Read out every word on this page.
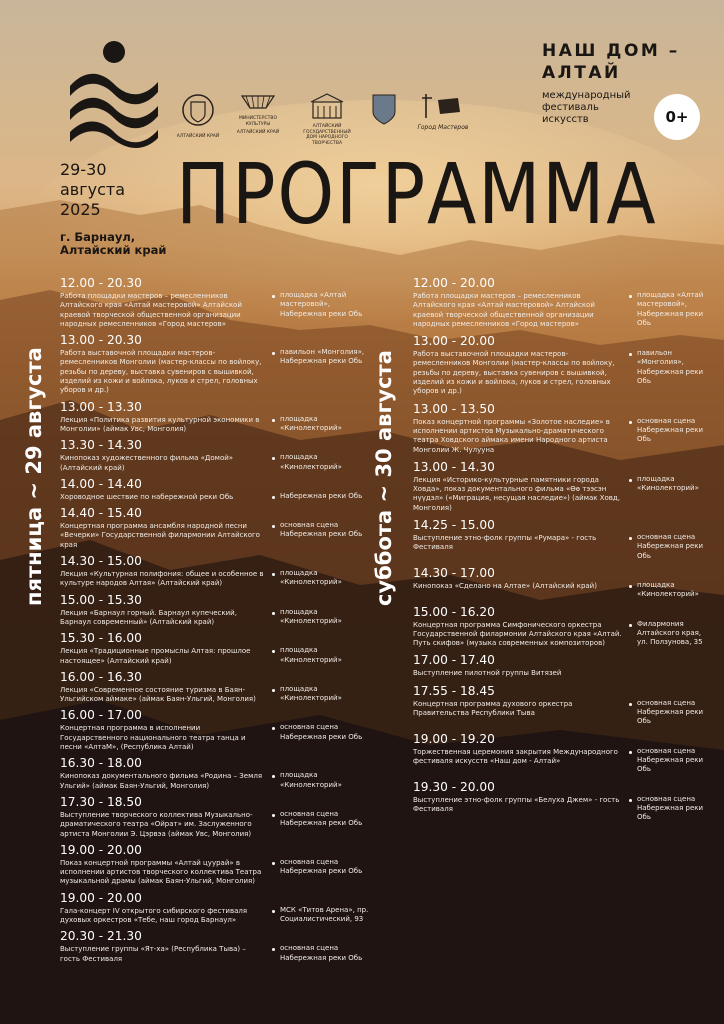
АЛТАЙСКИЙ КРАЙ
МИНИСТЕРСТВО
КУЛЬТУРЫ
АЛТАЙСКИЙ КРАЙ
АЛТАЙСКИЙ ГОСУДАРСТВЕННЫЙ
ДОМ НАРОДНОГО ТВОРЧЕСТВА
Город Мастеров
НАШ ДОМ –
АЛТАЙ
международный
фестиваль
искусств	0+
29-30
августа
2025
г. Барнаул,
Алтайский край
ПРОГРАММА
пятница ~ 29 августа	суббота ~ 30 августа
12.00 - 20.30
Работа площадки мастеров – ремесленников Алтайского края «Алтай мастеровой» Алтайской краевой творческой общественной организации народных ремесленников «Город мастеров»
площадка «Алтай мастеровой», Набережная реки Обь
13.00 - 20.30
Работа выставочной площадки мастеров-ремесленников Монголии (мастер-классы по войлоку, резьбы по дереву, выставка сувениров с вышивкой, изделий из кожи и войлока, луков и стрел, головных уборов и др.)
павильон «Монголия», Набережная реки Обь
13.00 - 13.30
Лекция «Политика развития культурной экономики в Монголии» (аймак Увс, Монголия)
площадка «Кинолекторий»
13.30 - 14.30
Кинопоказ художественного фильма «Домой» (Алтайский край)
площадка «Кинолекторий»
14.00 - 14.40
Хороводное шествие по набережной реки Обь	Набережная реки Обь
14.40 - 15.40
Концертная программа ансамбля народной песни «Вечерки» Государственной филармонии Алтайского края
основная сцена Набережная реки Обь
14.30 - 15.00
Лекция «Культурная полифония: общее и особенное в культуре народов Алтая» (Алтайский край)
площадка «Кинолекторий»
15.00 - 15.30
Лекция «Барнаул горный. Барнаул купеческий, Барнаул современный» (Алтайский край)
площадка «Кинолекторий»
15.30 - 16.00
Лекция «Традиционные промыслы Алтая: прошлое настоящее» (Алтайский край)
площадка «Кинолекторий»
16.00 - 16.30
Лекция «Современное состояние туризма в Баян-Ульгийском аймаке» (аймак Баян-Ульгий, Монголия)
площадка «Кинолекторий»
16.00 - 17.00
Концертная программа в исполнении Государственного национального театра танца и песни «АлтаМ», (Республика Алтай)
основная сцена Набережная реки Обь
16.30 - 18.00
Кинопоказ документального фильма «Родина – Земля Ульгий» (аймак Баян-Ульгий, Монголия)
площадка «Кинолекторий»
17.30 - 18.50
Выступление творческого коллектива Музыкально-драматического театра «Ойрат» им. Заслуженного артиста Монголии Э. Цэрвэа (аймак Увс, Монголия)
основная сцена Набережная реки Обь
19.00 - 20.00
Показ концертной программы «Алтай цуурай» в исполнении артистов творческого коллектива Театра музыкальной драмы (аймак Баян-Ульгий, Монголия)
основная сцена Набережная реки Обь
19.00 - 20.00
Гала-концерт IV открытого сибирского фестиваля духовых оркестров «Тебе, наш город Барнаул»
МСК «Титов Арена», пр. Социалистический, 93
20.30 - 21.30
Выступление группы «Ят-ха» (Республика Тыва) – гость Фестиваля
основная сцена Набережная реки Обь
12.00 - 20.00
Работа площадки мастеров – ремесленников Алтайского края «Алтай мастеровой» Алтайской краевой творческой общественной организации народных ремесленников «Город мастеров»
площадка «Алтай мастеровой», Набережная реки Обь
13.00 - 20.00
Работа выставочной площадки мастеров-ремесленников Монголии (мастер-классы по войлоку, резьбы по дереву, выставка сувениров с вышивкой, изделий из кожи и войлока, луков и стрел, головных уборов и др.)
павильон «Монголия», Набережная реки Обь
13.00 - 13.50
Показ концертной программы «Золотое наследие» в исполнении артистов Музыкально-драматического театра Ховдского аймака имени Народного артиста Монголии Ж. Чулууна
основная сцена Набережная реки Обь
13.00 - 14.30
Лекция «Историко-культурные памятники города Ховда», показ документального фильма «Өө тээсэн нүүдэл» («Миграция, несущая наследие») (аймак Ховд, Монголия)
площадка «Кинолекторий»
14.25 - 15.00
Выступление этно-фолк группы «Румара» - гость Фестиваля
основная сцена Набережная реки Обь
14.30 - 17.00
Кинопоказ «Сделано на Алтае» (Алтайский край)	площадка «Кинолекторий»
15.00 - 16.20
Концертная программа Симфонического оркестра Государственной филармонии Алтайского края «Алтай. Путь скифов» (музыка современных композиторов)
Филармония Алтайского края, ул. Ползунова, 35
17.00 - 17.40
Выступление пилотной группы Витязей
17.55 - 18.45
Концертная программа духового оркестра Правительства Республики Тыва
основная сцена Набережная реки Обь
19.00 - 19.20
Торжественная церемония закрытия Международного фестиваля искусств «Наш дом - Алтай»
основная сцена Набережная реки Обь
19.30 - 20.00
Выступление этно-фолк группы «Белуха Джем» - гость Фестиваля
основная сцена Набережная реки Обь
